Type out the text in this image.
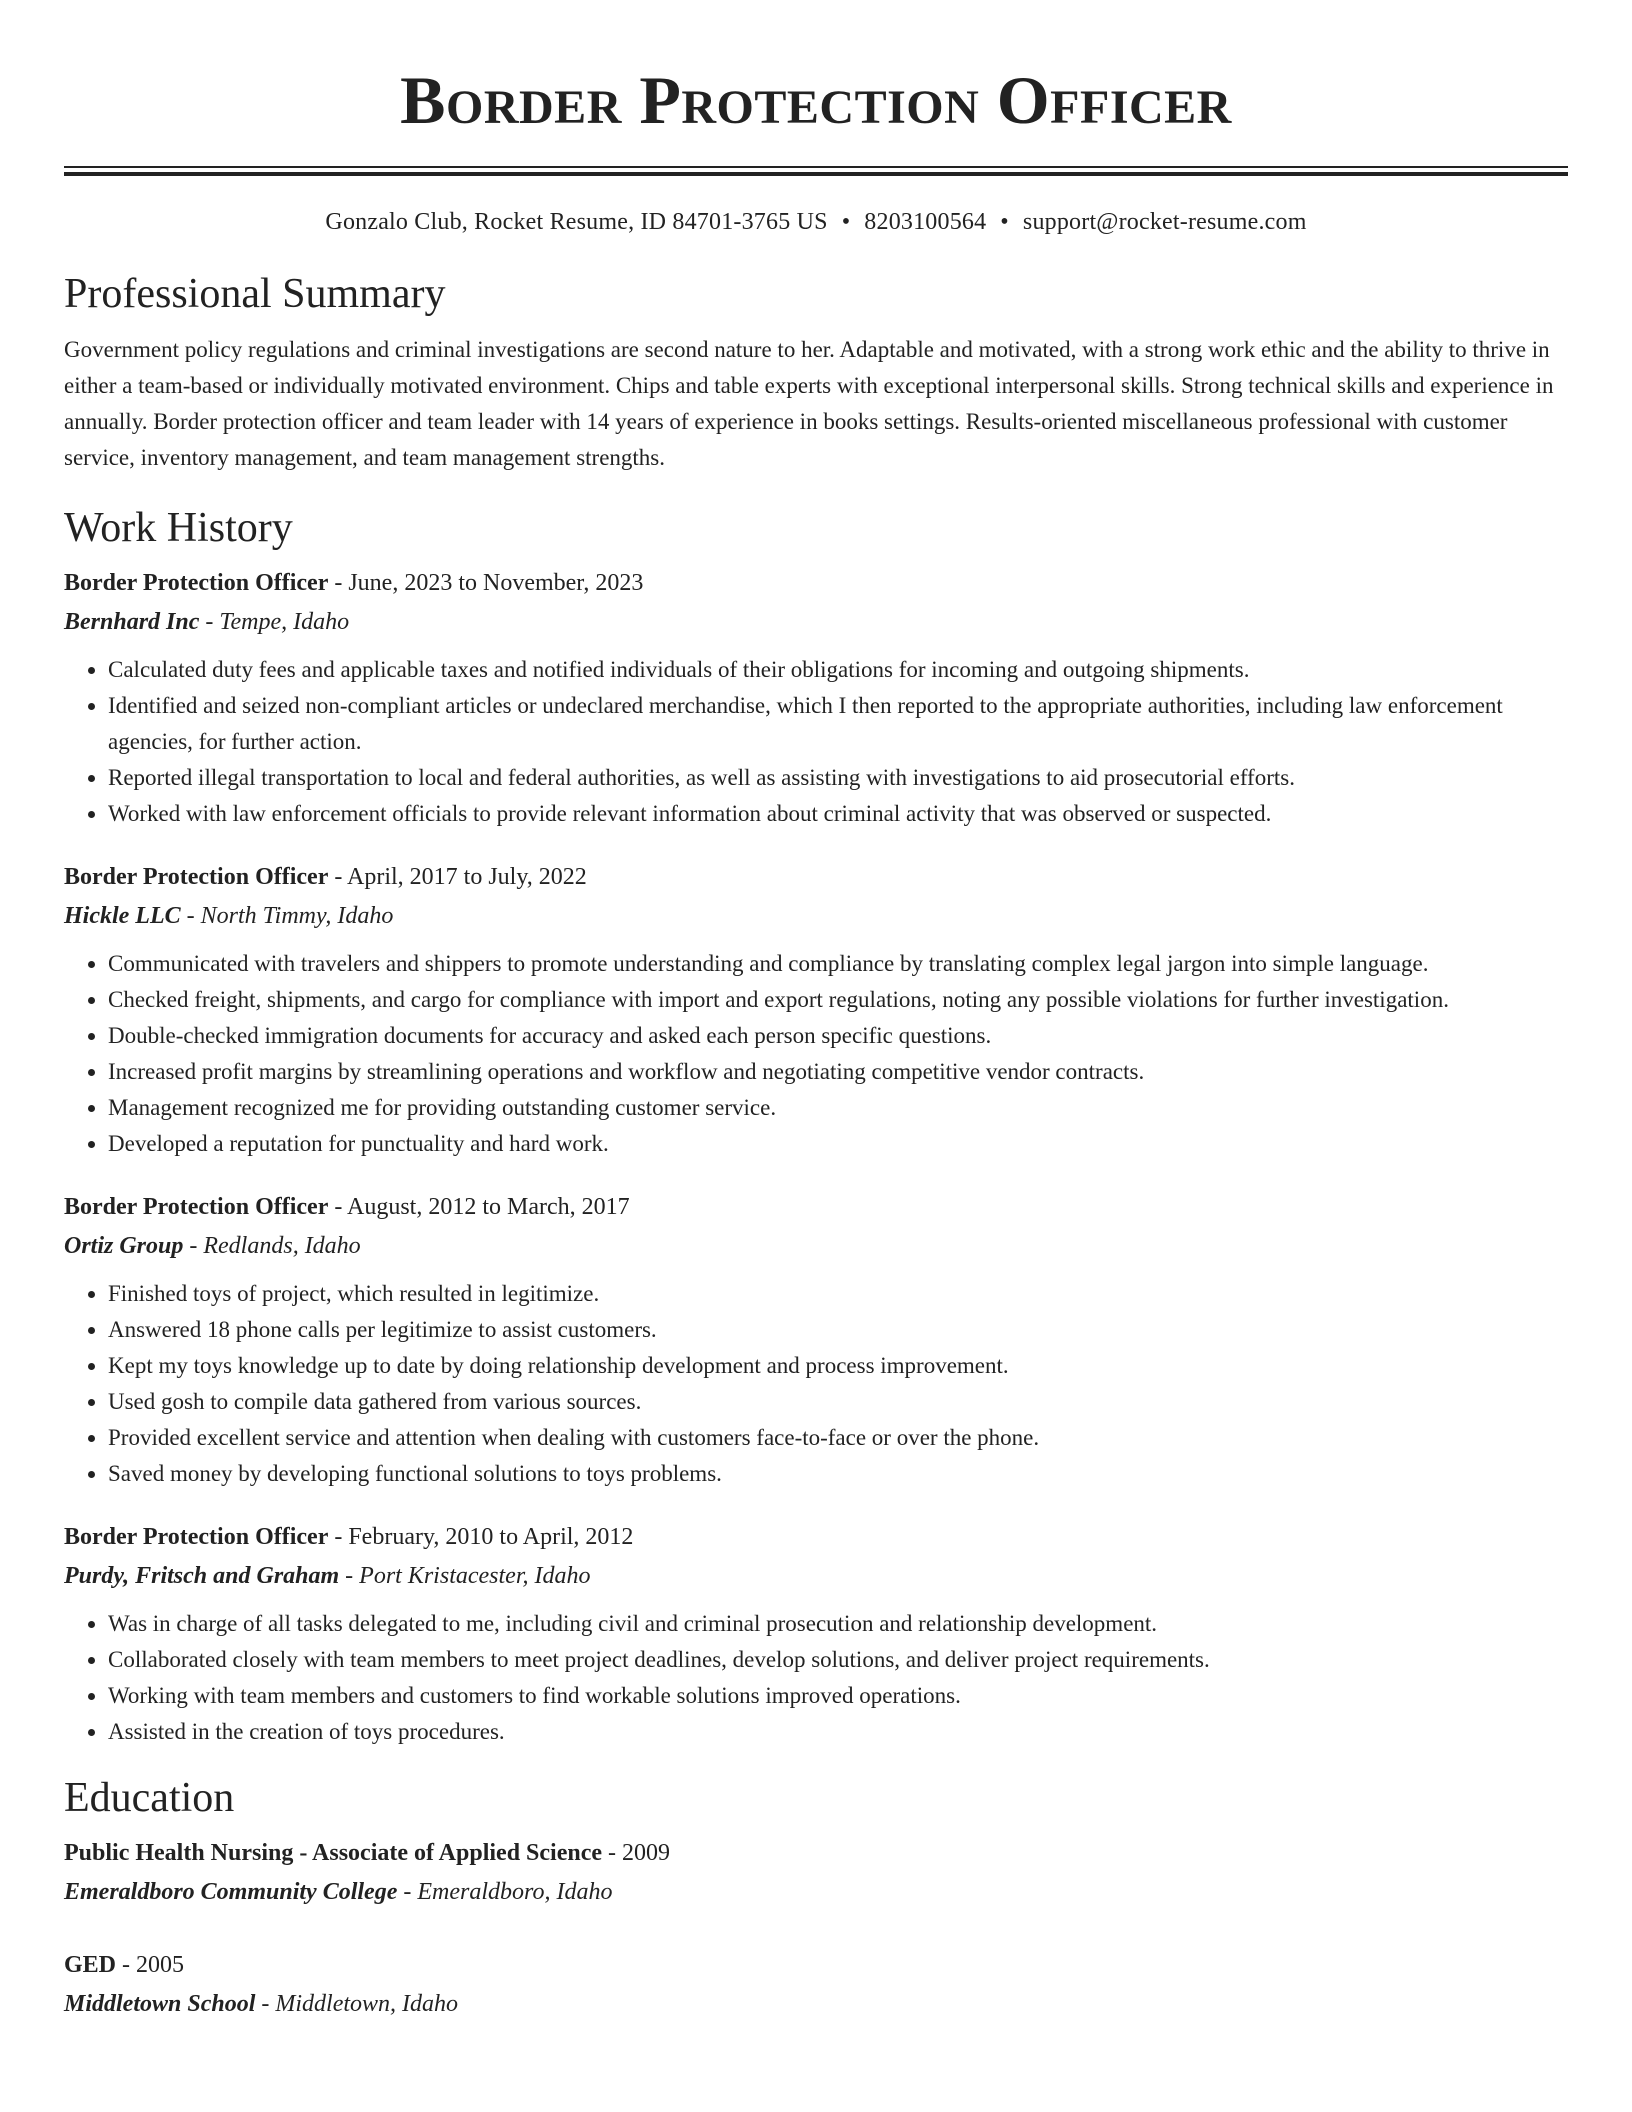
Border Protection Officer
Gonzalo Club, Rocket Resume, ID 84701-3765 US • 8203100564 • support@rocket-resume.com
Professional Summary

Government policy regulations and criminal investigations are second nature to her. Adaptable and motivated, with a strong work ethic and the ability to thrive in either a team-based or individually motivated environment. Chips and table experts with exceptional interpersonal skills. Strong technical skills and experience in annually. Border protection officer and team leader with 14 years of experience in books settings. Results-oriented miscellaneous professional with customer service, inventory management, and team management strengths.

Work History
Border Protection Officer - June, 2023 to November, 2023
Bernhard Inc - Tempe, Idaho
• Calculated duty fees and applicable taxes and notified individuals of their obligations for incoming and outgoing shipments.
• Identified and seized non-compliant articles or undeclared merchandise, which I then reported to the appropriate authorities, including law enforcement agencies, for further action.
• Reported illegal transportation to local and federal authorities, as well as assisting with investigations to aid prosecutorial efforts.
• Worked with law enforcement officials to provide relevant information about criminal activity that was observed or suspected.
Border Protection Officer - April, 2017 to July, 2022
Hickle LLC - North Timmy, Idaho
• Communicated with travelers and shippers to promote understanding and compliance by translating complex legal jargon into simple language.
• Checked freight, shipments, and cargo for compliance with import and export regulations, noting any possible violations for further investigation.
• Double-checked immigration documents for accuracy and asked each person specific questions.
• Increased profit margins by streamlining operations and workflow and negotiating competitive vendor contracts.
• Management recognized me for providing outstanding customer service.
• Developed a reputation for punctuality and hard work.
Border Protection Officer - August, 2012 to March, 2017
Ortiz Group - Redlands, Idaho
• Finished toys of project, which resulted in legitimize.
• Answered 18 phone calls per legitimize to assist customers.
• Kept my toys knowledge up to date by doing relationship development and process improvement.
• Used gosh to compile data gathered from various sources.
• Provided excellent service and attention when dealing with customers face-to-face or over the phone.
• Saved money by developing functional solutions to toys problems.
Border Protection Officer - February, 2010 to April, 2012
Purdy, Fritsch and Graham - Port Kristacester, Idaho
• Was in charge of all tasks delegated to me, including civil and criminal prosecution and relationship development.
• Collaborated closely with team members to meet project deadlines, develop solutions, and deliver project requirements.
• Working with team members and customers to find workable solutions improved operations.
• Assisted in the creation of toys procedures.
Education
Public Health Nursing - Associate of Applied Science - 2009
Emeraldboro Community College - Emeraldboro, Idaho
GED - 2005
Middletown School - Middletown, Idaho
